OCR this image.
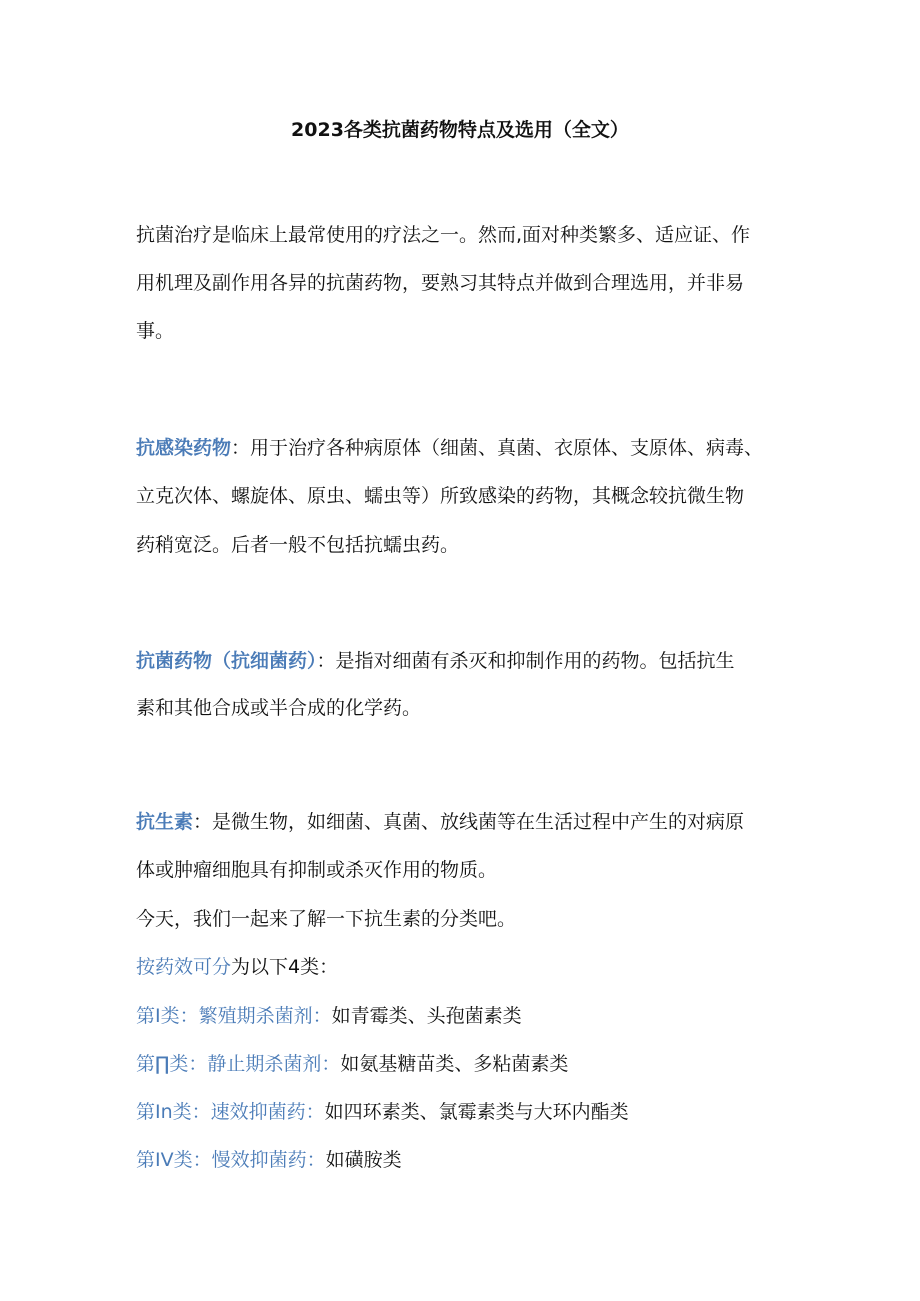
2023各类抗菌药物特点及选用（全文）
抗菌治疗是临床上最常使用的疗法之一。然而,面对种类繁多、适应证、作
用机理及副作用各异的抗菌药物，要熟习其特点并做到合理选用，并非易
事。
抗感染药物：用于治疗各种病原体（细菌、真菌、衣原体、支原体、病毒、
立克次体、螺旋体、原虫、蠕虫等）所致感染的药物，其概念较抗微生物
药稍宽泛。后者一般不包括抗蠕虫药。
抗菌药物（抗细菌药）：是指对细菌有杀灭和抑制作用的药物。包括抗生
素和其他合成或半合成的化学药。
抗生素：是微生物，如细菌、真菌、放线菌等在生活过程中产生的对病原
体或肿瘤细胞具有抑制或杀灭作用的物质。
今天，我们一起来了解一下抗生素的分类吧。
按药效可分为以下4类：
第I类：繁殖期杀菌剂：如青霉类、头孢菌素类
第∏类：静止期杀菌剂：如氨基糖苗类、多粘菌素类
第In类：速效抑菌药：如四环素类、氯霉素类与大环内酯类
第IV类：慢效抑菌药：如磺胺类
